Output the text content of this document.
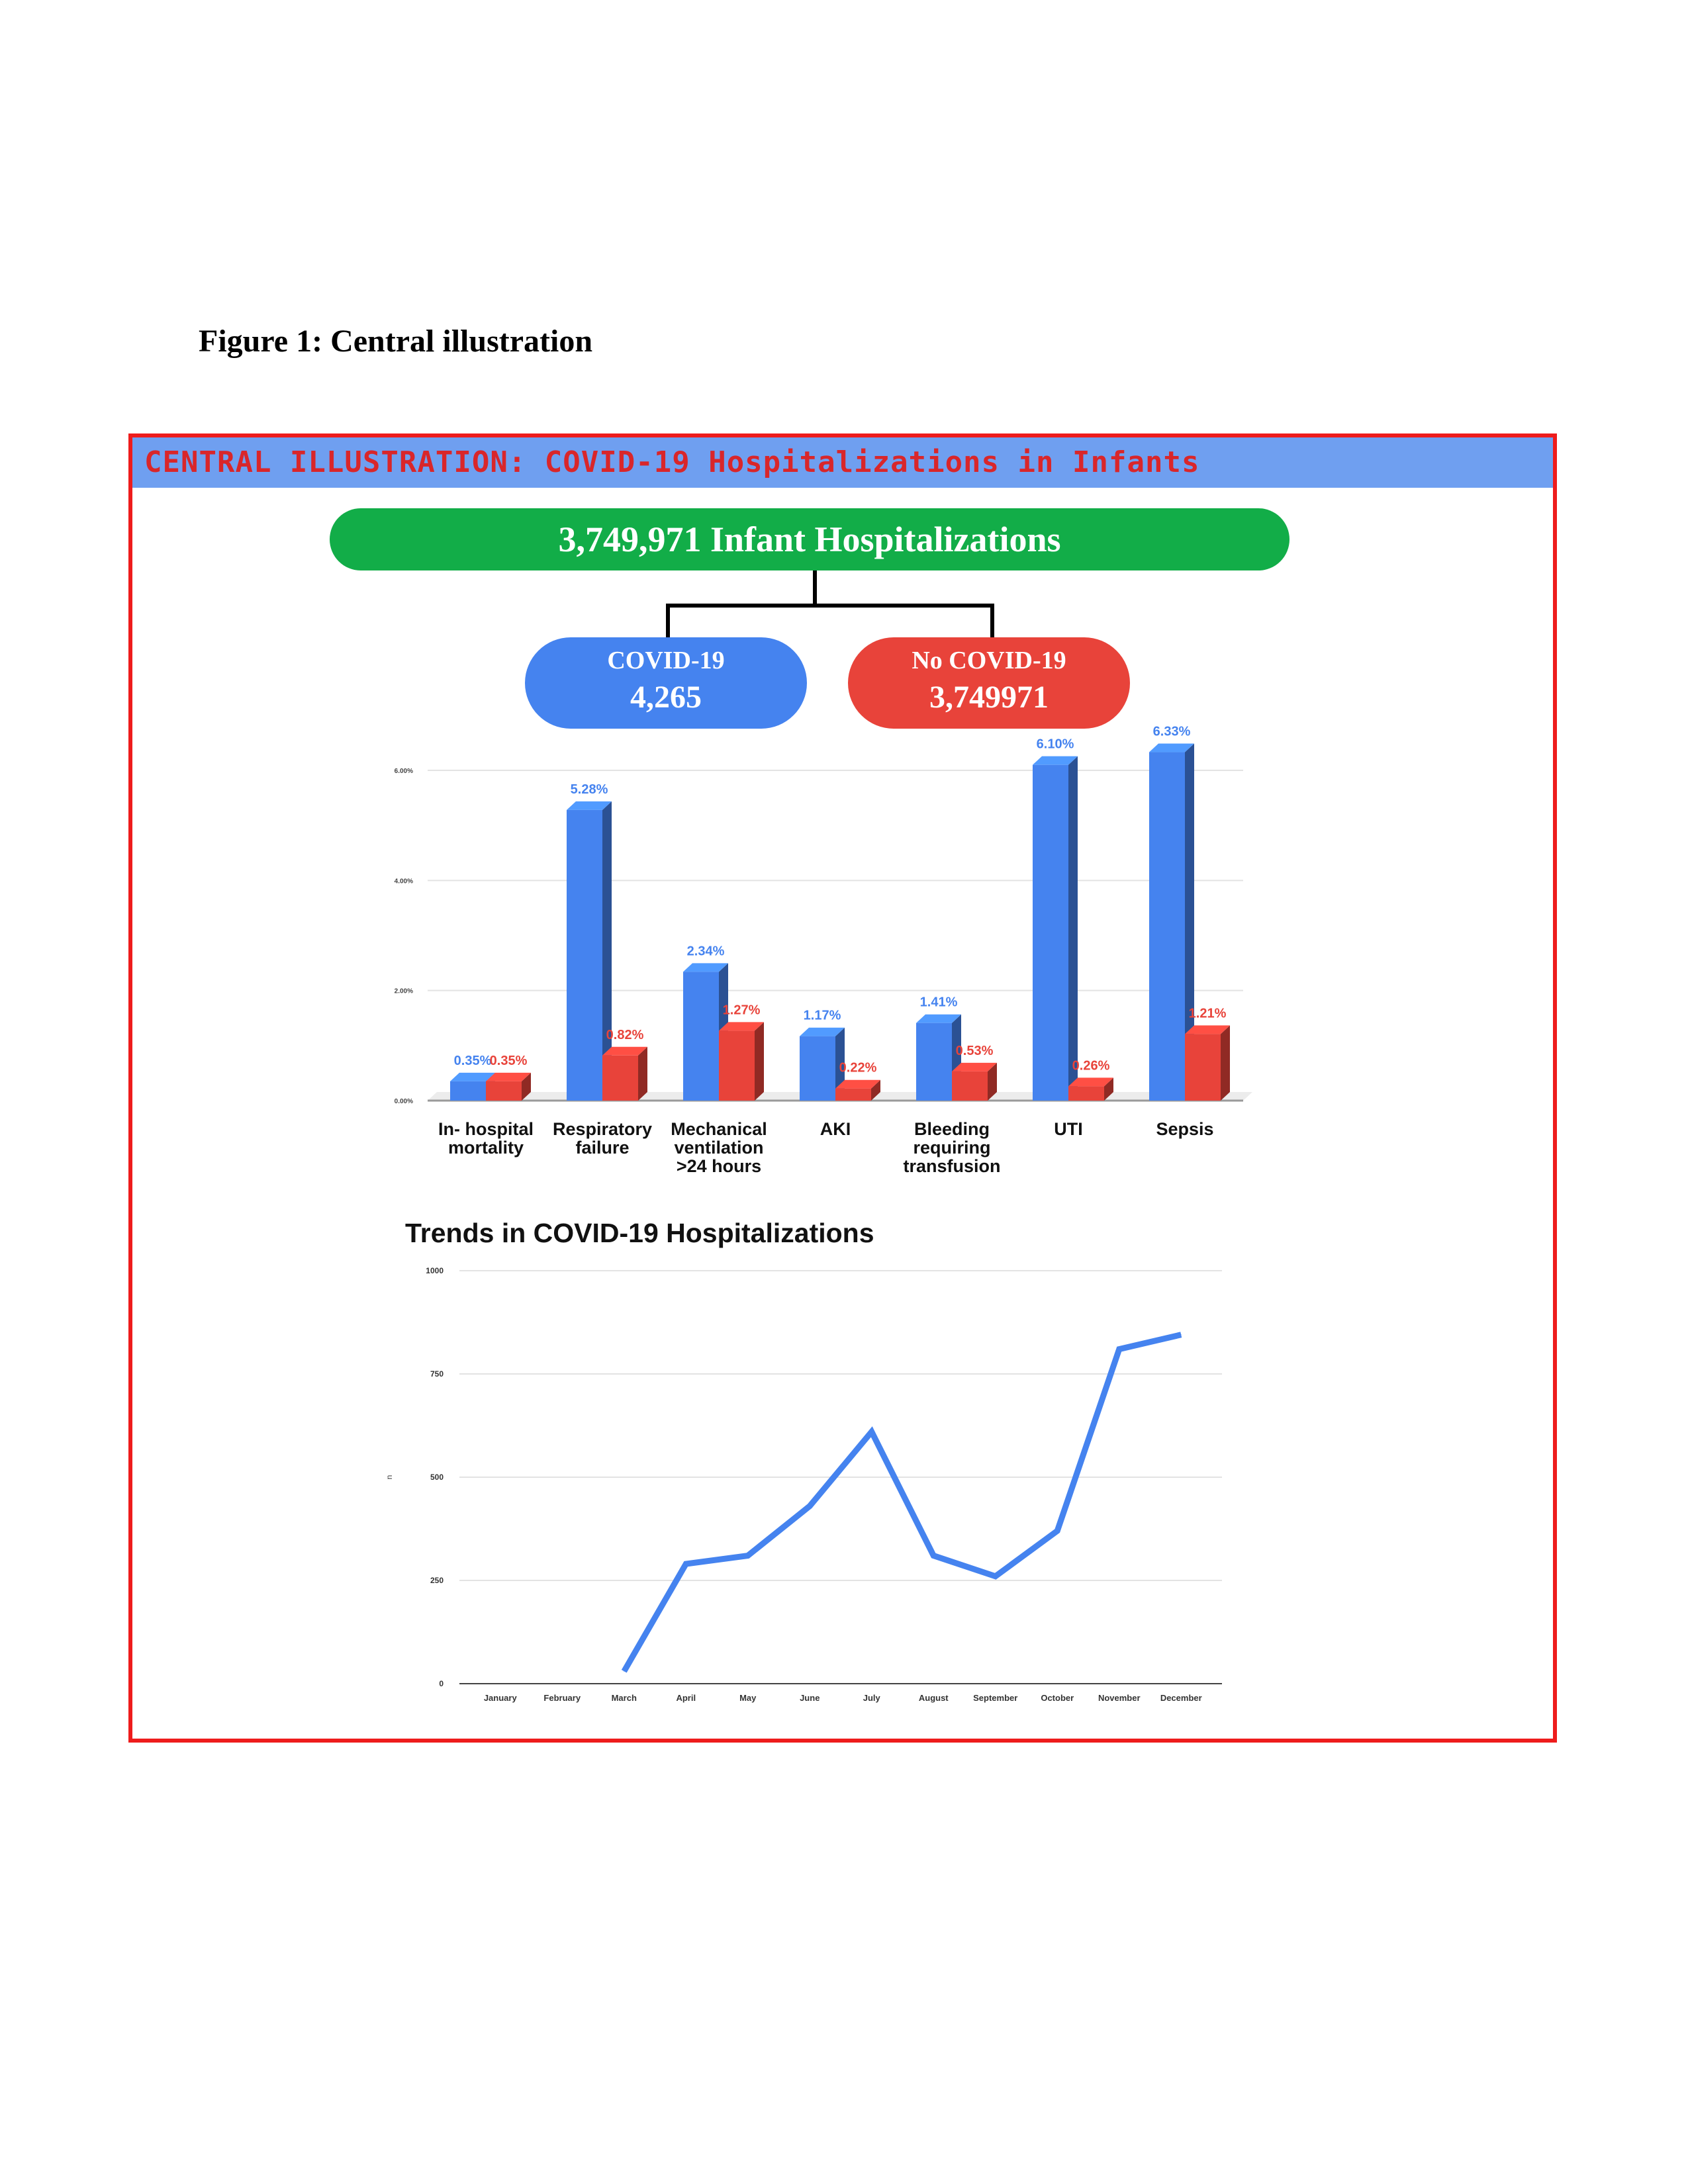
Figure 1: Central illustration
CENTRAL ILLUSTRATION: COVID-19 Hospitalizations in Infants
3,749,971 Infant Hospitalizations
COVID-19
4,265
No COVID-19
3,749971
0.00%
2.00%
4.00%
6.00%
0.35%
0.35%
In- hospital
mortality
5.28%
0.82%
Respiratory
failure
2.34%
1.27%
Mechanical
ventilation
>24 hours
1.17%
0.22%
AKI
1.41%
0.53%
Bleeding
requiring
transfusion
6.10%
0.26%
UTI
6.33%
1.21%
Sepsis
Trends in COVID-19 Hospitalizations
0
250
500
750
1000
n
January	February	March	April	May	June	July	August	September	October	November December
